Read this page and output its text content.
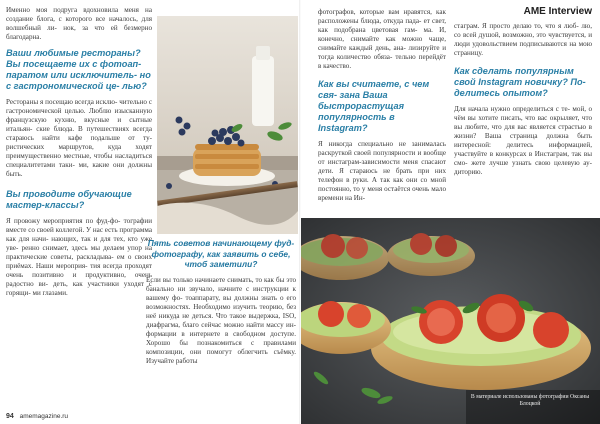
Именно моя подруга вдохновила меня на создание блога, с которого все началось, для волшебный ли- нок, за что ей безмерно благодарна.

Ваши любимые рестораны? Вы посещаете их с фотоап- паратом или исключитель- но с гастрономической це- лью?

Рестораны я посещаю всегда исклю- чительно с гастрономической целью. Люблю изысканную французскую кухню, вкусные и сытные итальян- ские блюда. В путешествиях всегда стараюсь найти кафе подальше от ту- ристических маршрутов, куда ходят преимущественно местные, чтобы насладиться специалитетами таки- ми, какие они должны быть.

Вы проводите обучающие мастер-классы?

Я провожу мероприятия по фуд-фо- тографии вместе со своей коллегой. У нас есть программа как для начи- нающих, так и для тех, кто уже уве- ренно снимает, здесь мы делаем упор на практические советы, раскладыва- ем о своих приёмах. Наши мероприя- тия всегда проходят очень позитивно и продуктивно, очень радостно ви- деть, как участники уходят с горящи- ми глазами.

Пять советов начинающему фуд-фотографу, как заявить о себе, чтоб заметили?

Если вы только начинаете снимать, то как бы это банально ни звучало, начните с инструкции к вашему фо- тоаппарату, вы должны знать о его возможностях. Необходимо изучить теорию, без неё никуда не деться. Что такое выдержка, ISO, диафрагма, благо сейчас можно найти массу ин- формации в интернете в свободном доступе. Хорошо бы познакомиться с правилами композиции, они помогут облегчить съёмку. Изучайте работы

фотографов, которые вам нравятся, как расположены блюда, откуда пада- ет свет, как подобрана цветовая гам- ма. И, конечно, снимайте как можно чаще, снимайте каждый день, ана- лизируйте и тогда количество обяза- тельно перейдёт в качество.

Как вы считаете, с чем свя- зана Ваша быстрорастущая популярность в Instagram?

Я никогда специально не занималась раскруткой своей популярности и вообще от инстаграм-зависимости меня спасают дети. Я стараюсь не брать при них телефон в руки. А так как они со мной постоянно, то у меня остаётся очень мало времени на Ин-

стаграм. Я просто делаю то, что я люб- лю, со всей душой, возможно, это чувствуется, и люди удовольствием подписываются на мою страницу.

Как сделать популярным свой Instagram новичку? По- делитесь опытом?

Для начала нужно определиться с те- мой, о чём вы хотите писать, что вас окрыляет, что вы любите, что для вас является страстью в жизни? Ваша страница должна быть интересной: делитесь информацией, участвуйте в конкурсах в Инстаграм, так вы смо- жете лучше узнать свою целевую ау- диторию.

AME Interview
В материале использованы фотографии Оксаны Блоцкой
94 amemagazine.ru
